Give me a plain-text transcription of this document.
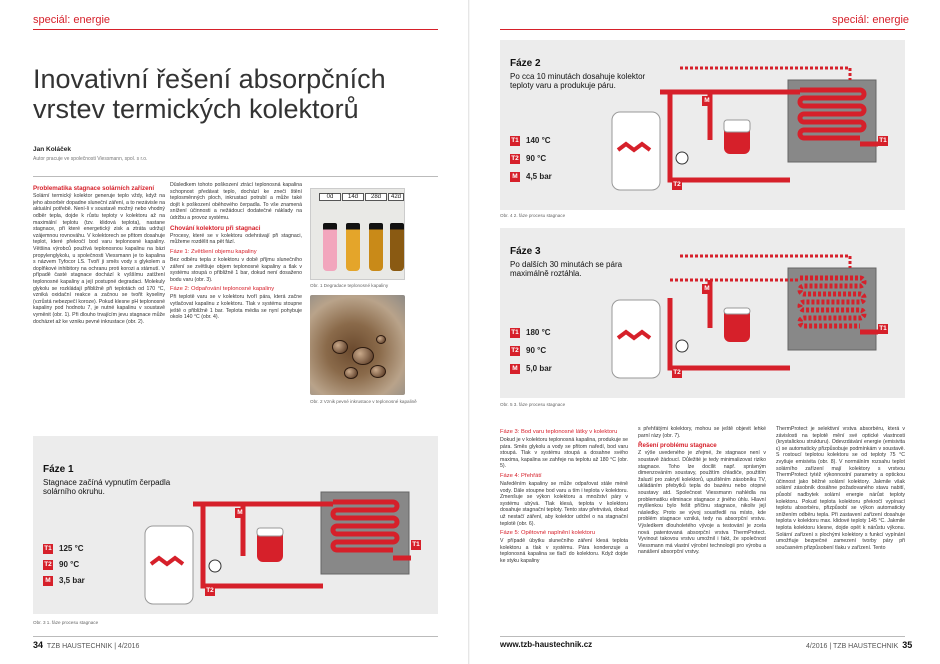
speciál: energie
Inovativní řešení absorpčních vrstev termických kolektorů
Jan Koláček
Autor pracuje ve společnosti Viessmann, spol. s r.o.
Problematika stagnace solárních zařízení

Solární termický kolektor generuje teplo vždy, když na jeho absorbér dopadne sluneční záření, a to nezávisle na aktuální potřebě. Není-li v soustavě možný nebo vhodný odběr tepla, dojde k růstu teploty v kolektoru až na maximální teplotu (tzv. klidová teplota), nastane stagnace, při které energetický zisk a ztráta udržují vzájemnou rovnováhu. V kolektorech se přitom dosahuje teplot, které překročí bod varu teplonosné kapaliny. Většina výrobců používá teplonosnou kapalinu na bázi propylenglykolu, u společnosti Viessmann je to kapalina s názvem Tyfocor LS. Tvoří ji směs vody s glykolem a doplňkové inhibitory na ochranu proti korozi a stárnutí. V případě časté stagnace dochází k vyššímu zatížení teplonosné kapaliny a její postupné degradaci. Molekuly glykolu se rozkládají přibližně při teplotách od 170 °C, vzniká oxidační reakce a začnou se tvořit kyseliny (vzrůstá nebezpečí koroze). Pokud klesne pH teplonosné kapaliny pod hodnotu 7, je nutné kapalinu v soustavě vyměnit (obr. 1). Při dlouho trvajícím jevu stagnace může docházet až ke vzniku pevné inkrustace (obr. 2).

Důsledkem tohoto poškození ztrácí teplonosná kapalina schopnost předávat teplo, dochází ke zneči štění teplosměnných ploch, inkrustaci potrubí a může také dojít k poškození oběhového čerpadla. To vše znamená snížení účinnosti a nežádoucí dodatečné náklady na údržbu a provoz systému.

Chování kolektoru při stagnaci

Procesy, které se v kolektoru odehrávají při stagnaci, můžeme rozdělit na pět fází.

Fáze 1: Zvětšení objemu kapaliny

Bez odběru tepla z kolektoru v době příjmu slunečního záření se zvětšuje objem teplonosné kapaliny a tlak v systému stoupá o přibližně 1 bar, dokud není dosaženo bodu varu (obr. 3).

Fáze 2: Odpařování teplonosné kapaliny

Při teplotě varu se v kolektoru tvoří pára, která začne vytlačovat kapalinu z kolektoru. Tlak v systému stoupne ještě o přibližně 1 bar. Teplota média se nyní pohybuje okolo 140 °C (obr. 4).

0d	14d	28d	42d
Obr. 1 Degradace teplonosné kapaliny
Obr. 2 Vznik pevné inkrustace v teplonosné kapalině
Fáze 1
Stagnace začíná vypnutím čerpadla solárního okruhu.
T1 125 °C
T2 90 °C
M 3,5 bar
M
T1
T2
Obr. 3 1. fáze procesu stagnace
34 TZB HAUSTECHNIK | 4/2016
speciál: energie
Fáze 2
Po cca 10 minutách dosahuje kolektor teploty varu a produkuje páru.
T1 140 °C
T2 90 °C
M 4,5 bar
M
T1
T2
Obr. 4 2. fáze procesu stagnace
Fáze 3
Po dalších 30 minutách se pára maximálně roztáhla.
T1 180 °C
T2 90 °C
M 5,0 bar
M
T1
T2
Obr. 5 3. fáze procesu stagnace
Fáze 3: Bod varu teplonosné látky v kolektoru

Dokud je v kolektoru teplonosná kapalina, produkuje se pára. Směs glykolu a vody se přitom naředí, bod varu stoupá. Tlak v systému stoupá a dosahne svého maxima, kapalina se zahřeje na teplotu až 180 °C (obr. 5).

Fáze 4: Přehřátí

Naředěním kapaliny se může odpařovat stále méně vody. Dále stoupne bod varu a tím i teplota v kolektoru. Zmenšuje se výkon kolektoru a množství páry v systému ubývá. Tlak klesá, teplota v kolektoru dosahuje stagnační teploty. Tento stav přetrvává, dokud už nestačí záření, aby kolektor udržel o na stagnační teplotě (obr. 6).

Fáze 5: Opětovné naplnění kolektoru

V případě úbytku slunečního záření klesá teplota kolektoru a tlak v systému. Pára kondenzuje a teplonosná kapalina se tlačí do kolektoru. Když dojde ke styku kapaliny

s přehřátými kolektory, mohou se ještě objevit lehké parní rázy (obr. 7).

Řešení problému stagnace

Z výše uvedeného je zřejmé, že stagnace není v soustavě žádoucí. Důležité je tedy minimalizovat riziko stagnace. Toho lze docílit např. správným dimenzováním soustavy, použitím chladiče, použitím žaluzií pro zakrytí kolektorů, upuštěním zásobníku TV, ukládáním přebytků tepla do bazénu nebo otopné soustavy atd. Společnost Viessmann nahlédla na problematiku eliminace stagnace z jiného úhlu. Hlavní myšlenkou bylo řešit příčinu stagnace, nikoliv její následky. Proto se vývoj soustředil na místo, kde problém stagnace vzniká, tedy na absorpční vrstvu. Výsledkem dlouholetého vývoje a testování je zcela nová patentovaná absorpční vrstva ThermProtect. Vyvinout takovou vrstvu umožnil i fakt, že společnost Viessmann má vlastní výrobní technologii pro výrobu a nanášení absorpční vrstvy.

ThermProtect je selektivní vrstva absorbéru, která v závislosti na teplotě mění své optické vlastnosti (krystalickou strukturu). Odevzdávání energie (emisivita ε) se automaticky přizpůsobuje podmínkám v soustavě. S rostoucí teplotou kolektoru se od teploty 75 °C zvyšuje emisivita (obr. 8). V normálním rozsahu teplot solárního zařízení mají kolektory s vrstvou ThermProtect tytéž výkonnostní parametry a optickou účinnost jako běžné solární kolektory. Jakmile však solární zásobník dosáhne požadovaného stavu nabití, působí nadbytek solární energie nárůst teploty kolektoru. Pokud teplota kolektoru překročí vypínací teplotu absorbéru, přizpůsobí se výkon automaticky snížením odběru tepla. Při zastavení zařízení dosahuje teplota v kolektoru max. klidové teploty 145 °C. Jakmile teplota kolektoru klesne, dojde opět k nárůstu výkonu. Solární zařízení s plochými kolektory s funkcí vypínání umožňuje bezpečné zamezení tvorby páry při současném přizpůsobení tlaku v zařízení. Tento

www.tzb-haustechnik.cz	4/2016 | TZB HAUSTECHNIK 35
